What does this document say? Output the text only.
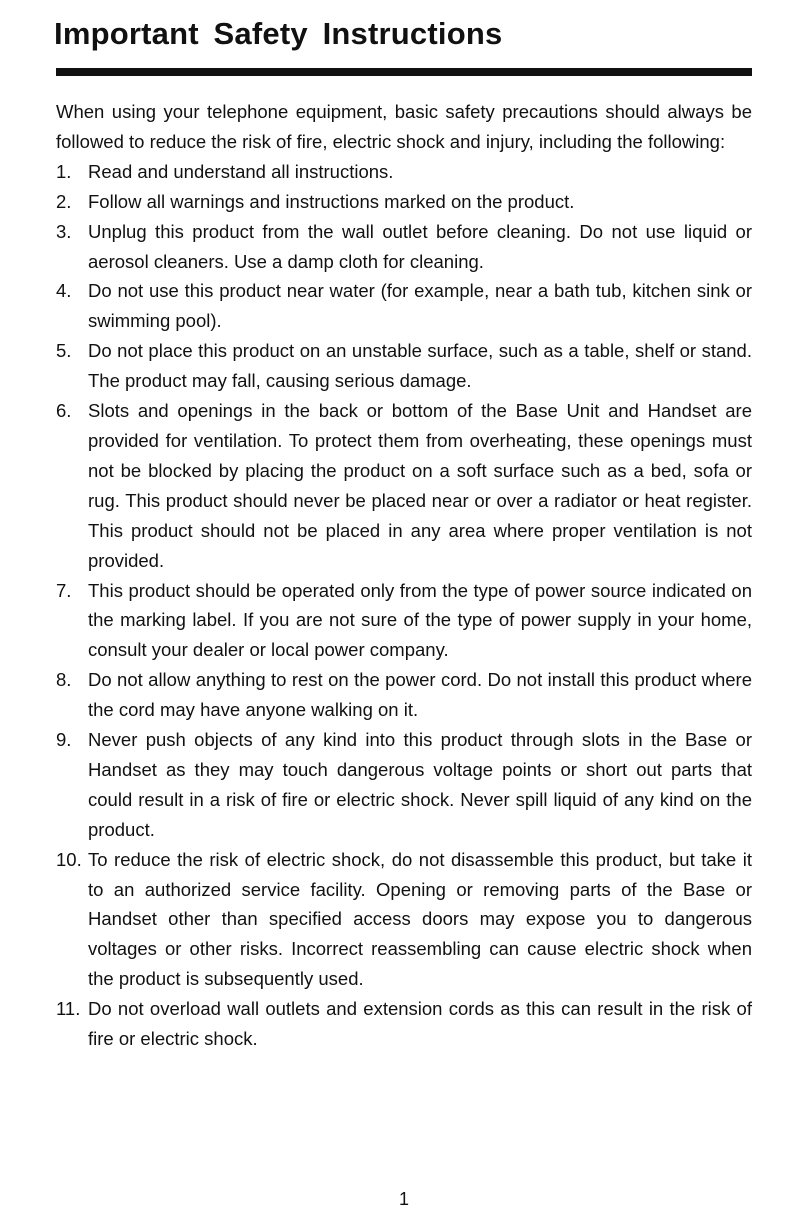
Important Safety Instructions

When using your telephone equipment, basic safety precautions should always be followed to reduce the risk of fire, electric shock and injury, including the following:

1. Read and understand all instructions.
2. Follow all warnings and instructions marked on the product.
3. Unplug this product from the wall outlet before cleaning. Do not use liquid or aerosol cleaners. Use a damp cloth for cleaning.
4. Do not use this product near water (for example, near a bath tub, kitchen sink or swimming pool).
5. Do not place this product on an unstable surface, such as a table, shelf or stand. The product may fall, causing serious damage.
6. Slots and openings in the back or bottom of the Base Unit and Handset are provided for ventilation. To protect them from overheating, these openings must not be blocked by placing the product on a soft surface such as a bed, sofa or rug. This product should never be placed near or over a radiator or heat register. This product should not be placed in any area where proper ventilation is not provided.
7. This product should be operated only from the type of power source indicated on the marking label. If you are not sure of the type of power supply in your home, consult your dealer or local power company.
8. Do not allow anything to rest on the power cord. Do not install this product where the cord may have anyone walking on it.
9. Never push objects of any kind into this product through slots in the Base or Handset as they may touch dangerous voltage points or short out parts that could result in a risk of fire or electric shock. Never spill liquid of any kind on the product.
10. To reduce the risk of electric shock, do not disassemble this product, but take it to an authorized service facility. Opening or removing parts of the Base or Handset other than specified access doors may expose you to dangerous voltages or other risks. Incorrect reassembling can cause electric shock when the product is subsequently used.
11. Do not overload wall outlets and extension cords as this can result in the risk of fire or electric shock.

1
